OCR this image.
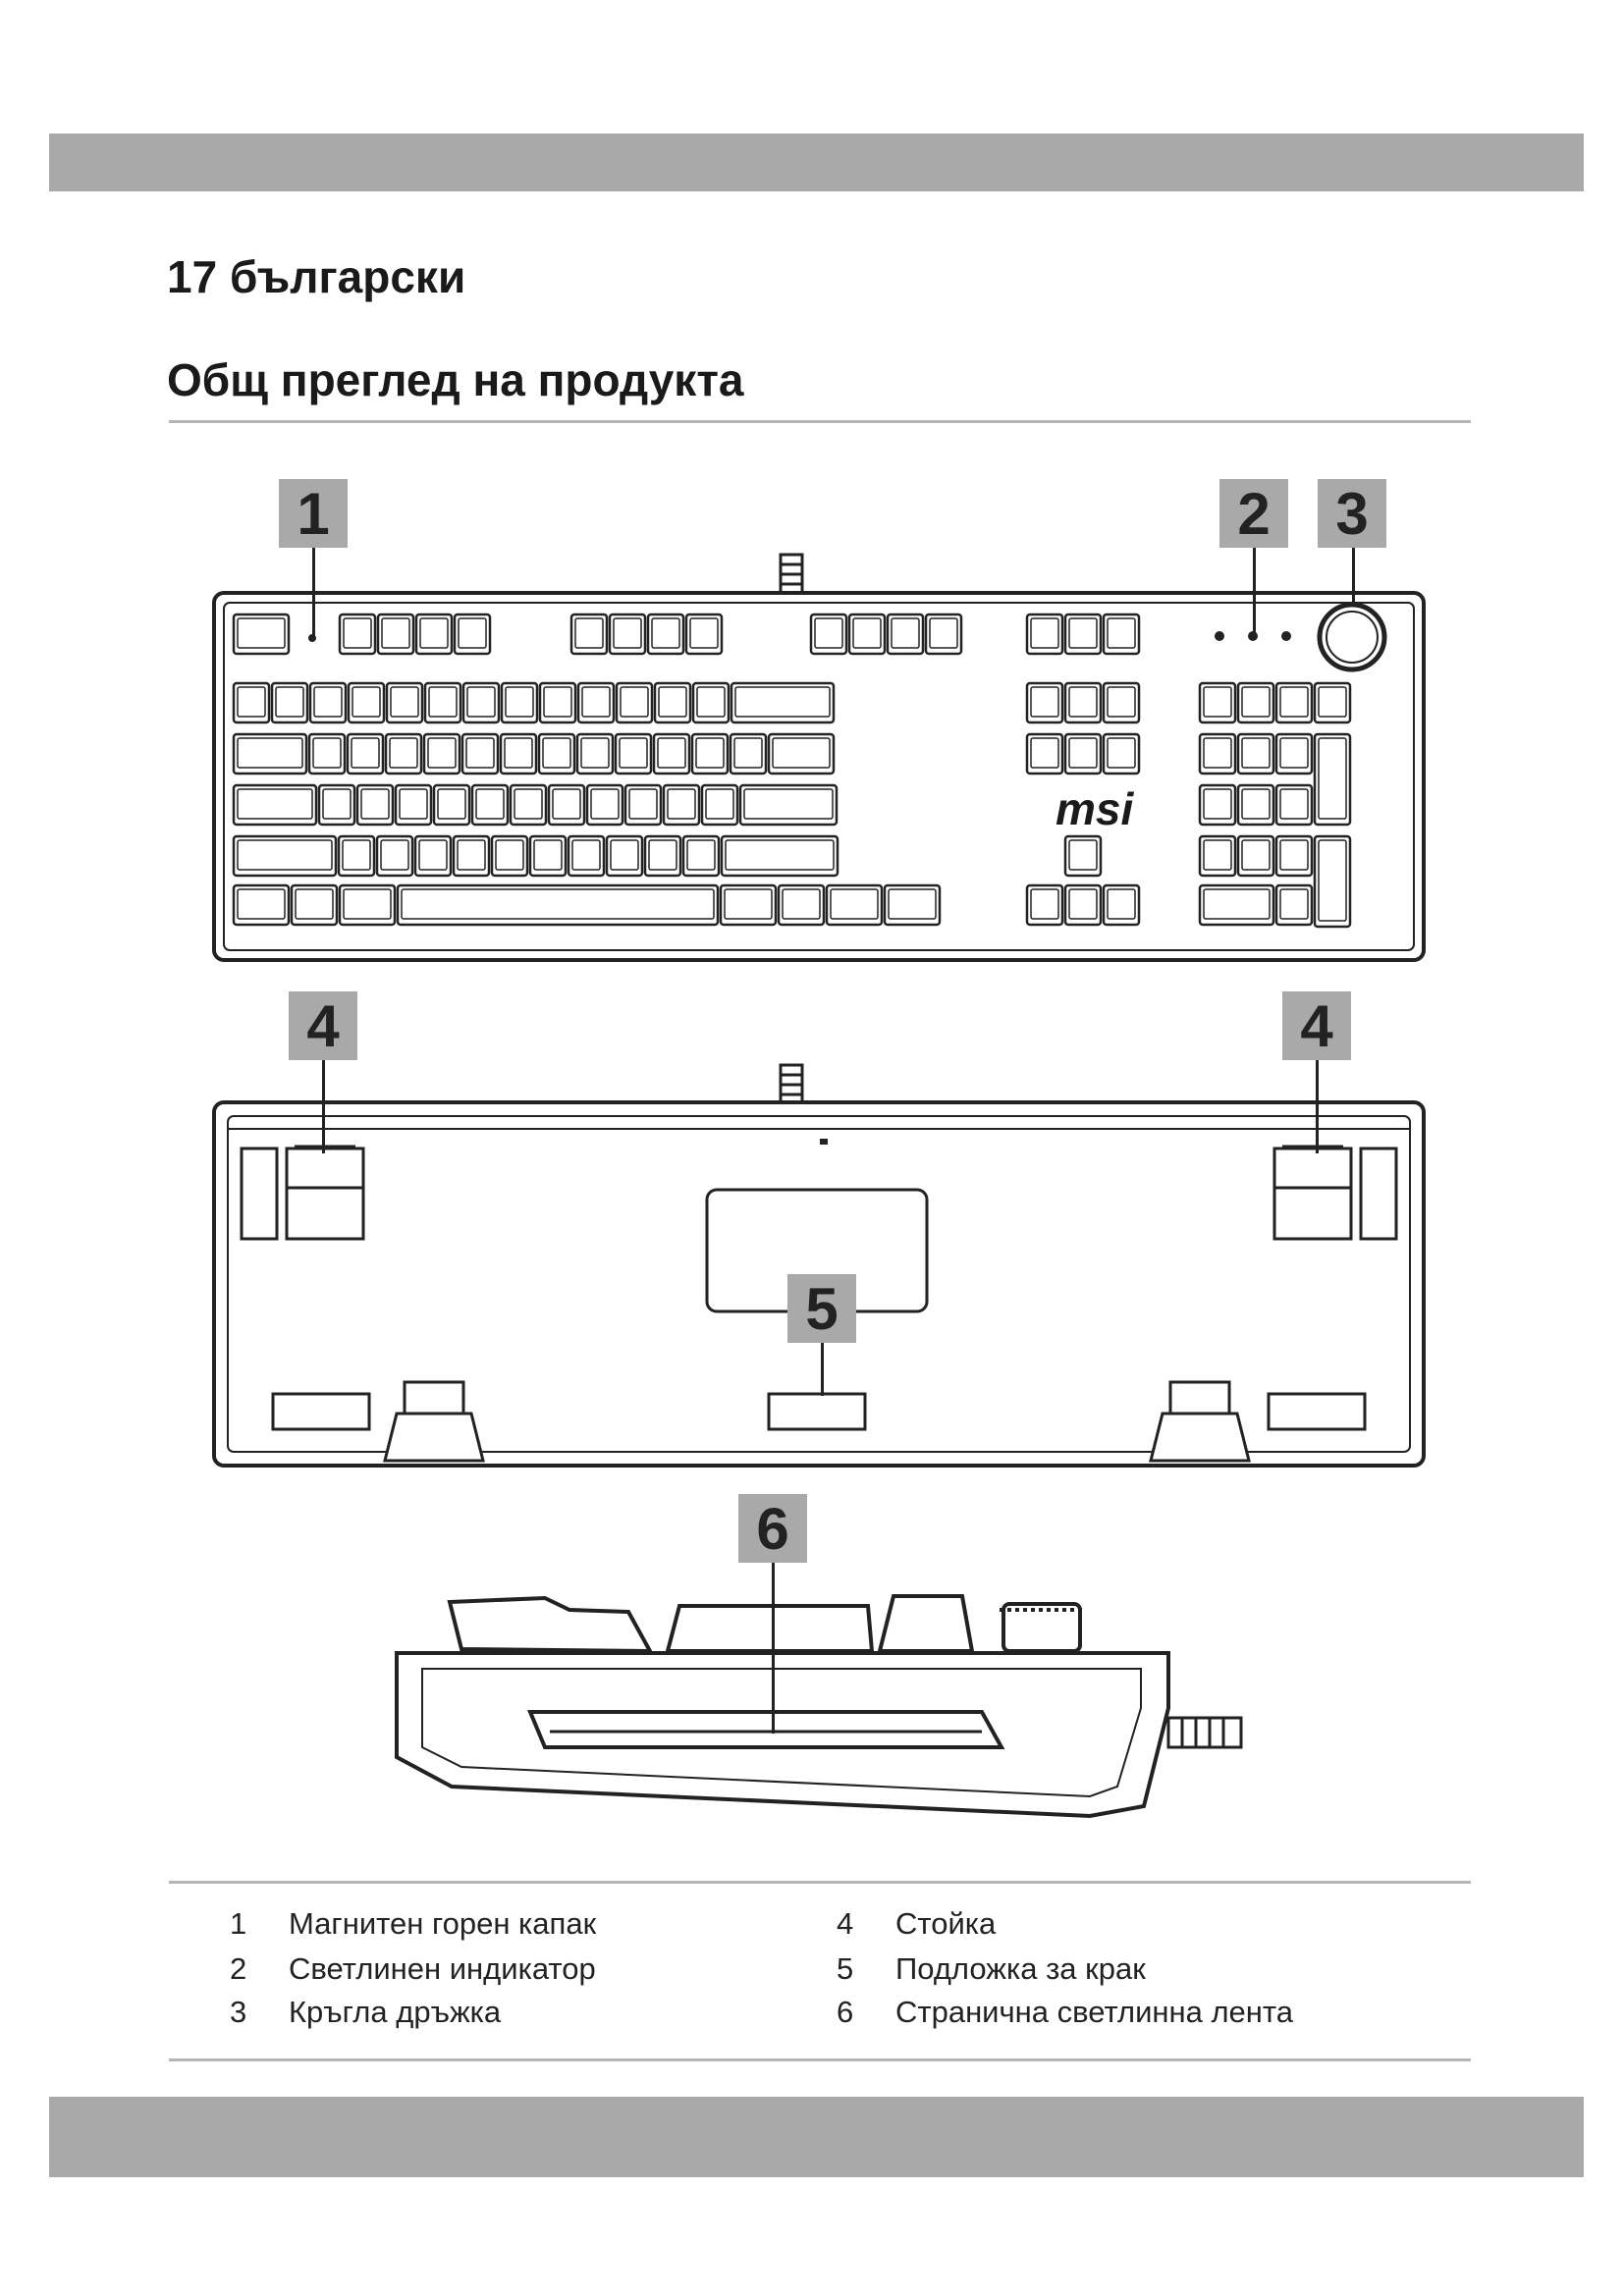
17 български
Общ преглед на продукта
msi
1	2	3
4	4
5
6
1	Магнитен горен капак
2	Светлинен индикатор
3	Кръгла дръжка
4	Стойка
5	Подложка за крак
6	Странична светлинна лента
